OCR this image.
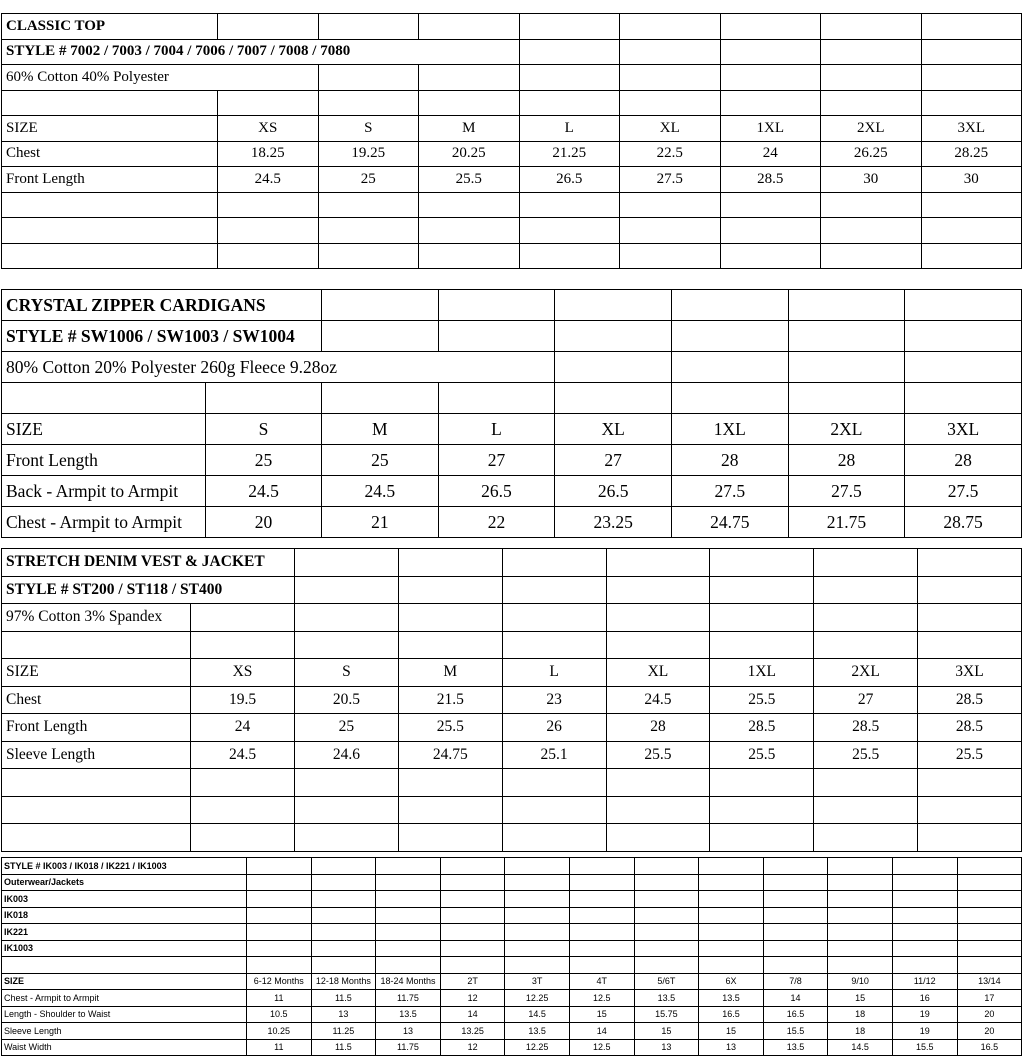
CLASSIC TOP								
STYLE # 7002 / 7003 / 7004 / 7006 / 7007 / 7008 / 7080								
60% Cotton 40% Polyester								

SIZE	XS	S	M	L	XL	1XL	2XL	3XL
Chest	18.25	19.25	20.25	21.25	22.5	24	26.25	28.25
Front Length	24.5	25	25.5	26.5	27.5	28.5	30	30

CRYSTAL ZIPPER CARDIGANS							
STYLE # SW1006 / SW1003 / SW1004							
80% Cotton 20% Polyester 260g Fleece 9.28oz							

SIZE	S	M	L	XL	1XL	2XL	3XL
Front Length	25	25	27	27	28	28	28
Back - Armpit to Armpit	24.5	24.5	26.5	26.5	27.5	27.5	27.5
Chest - Armpit to Armpit	20	21	22	23.25	24.75	21.75	28.75
STRETCH DENIM VEST & JACKET								
STYLE # ST200 / ST118 / ST400								
97% Cotton 3% Spandex								

SIZE	XS	S	M	L	XL	1XL	2XL	3XL
Chest	19.5	20.5	21.5	23	24.5	25.5	27	28.5
Front Length	24	25	25.5	26	28	28.5	28.5	28.5
Sleeve Length	24.5	24.6	24.75	25.1	25.5	25.5	25.5	25.5

STYLE # IK003 / IK018 / IK221 / IK1003												
Outerwear/Jackets												
IK003												
IK018												
IK221												
IK1003												

SIZE	6-12 Months	12-18 Months	18-24 Months	2T	3T	4T	5/6T	6X	7/8	9/10	11/12	13/14
Chest - Armpit to Armpit	11	11.5	11.75	12	12.25	12.5	13.5	13.5	14	15	16	17
Length - Shoulder to Waist	10.5	13	13.5	14	14.5	15	15.75	16.5	16.5	18	19	20
Sleeve Length	10.25	11.25	13	13.25	13.5	14	15	15	15.5	18	19	20
Waist Width	11	11.5	11.75	12	12.25	12.5	13	13	13.5	14.5	15.5	16.5
